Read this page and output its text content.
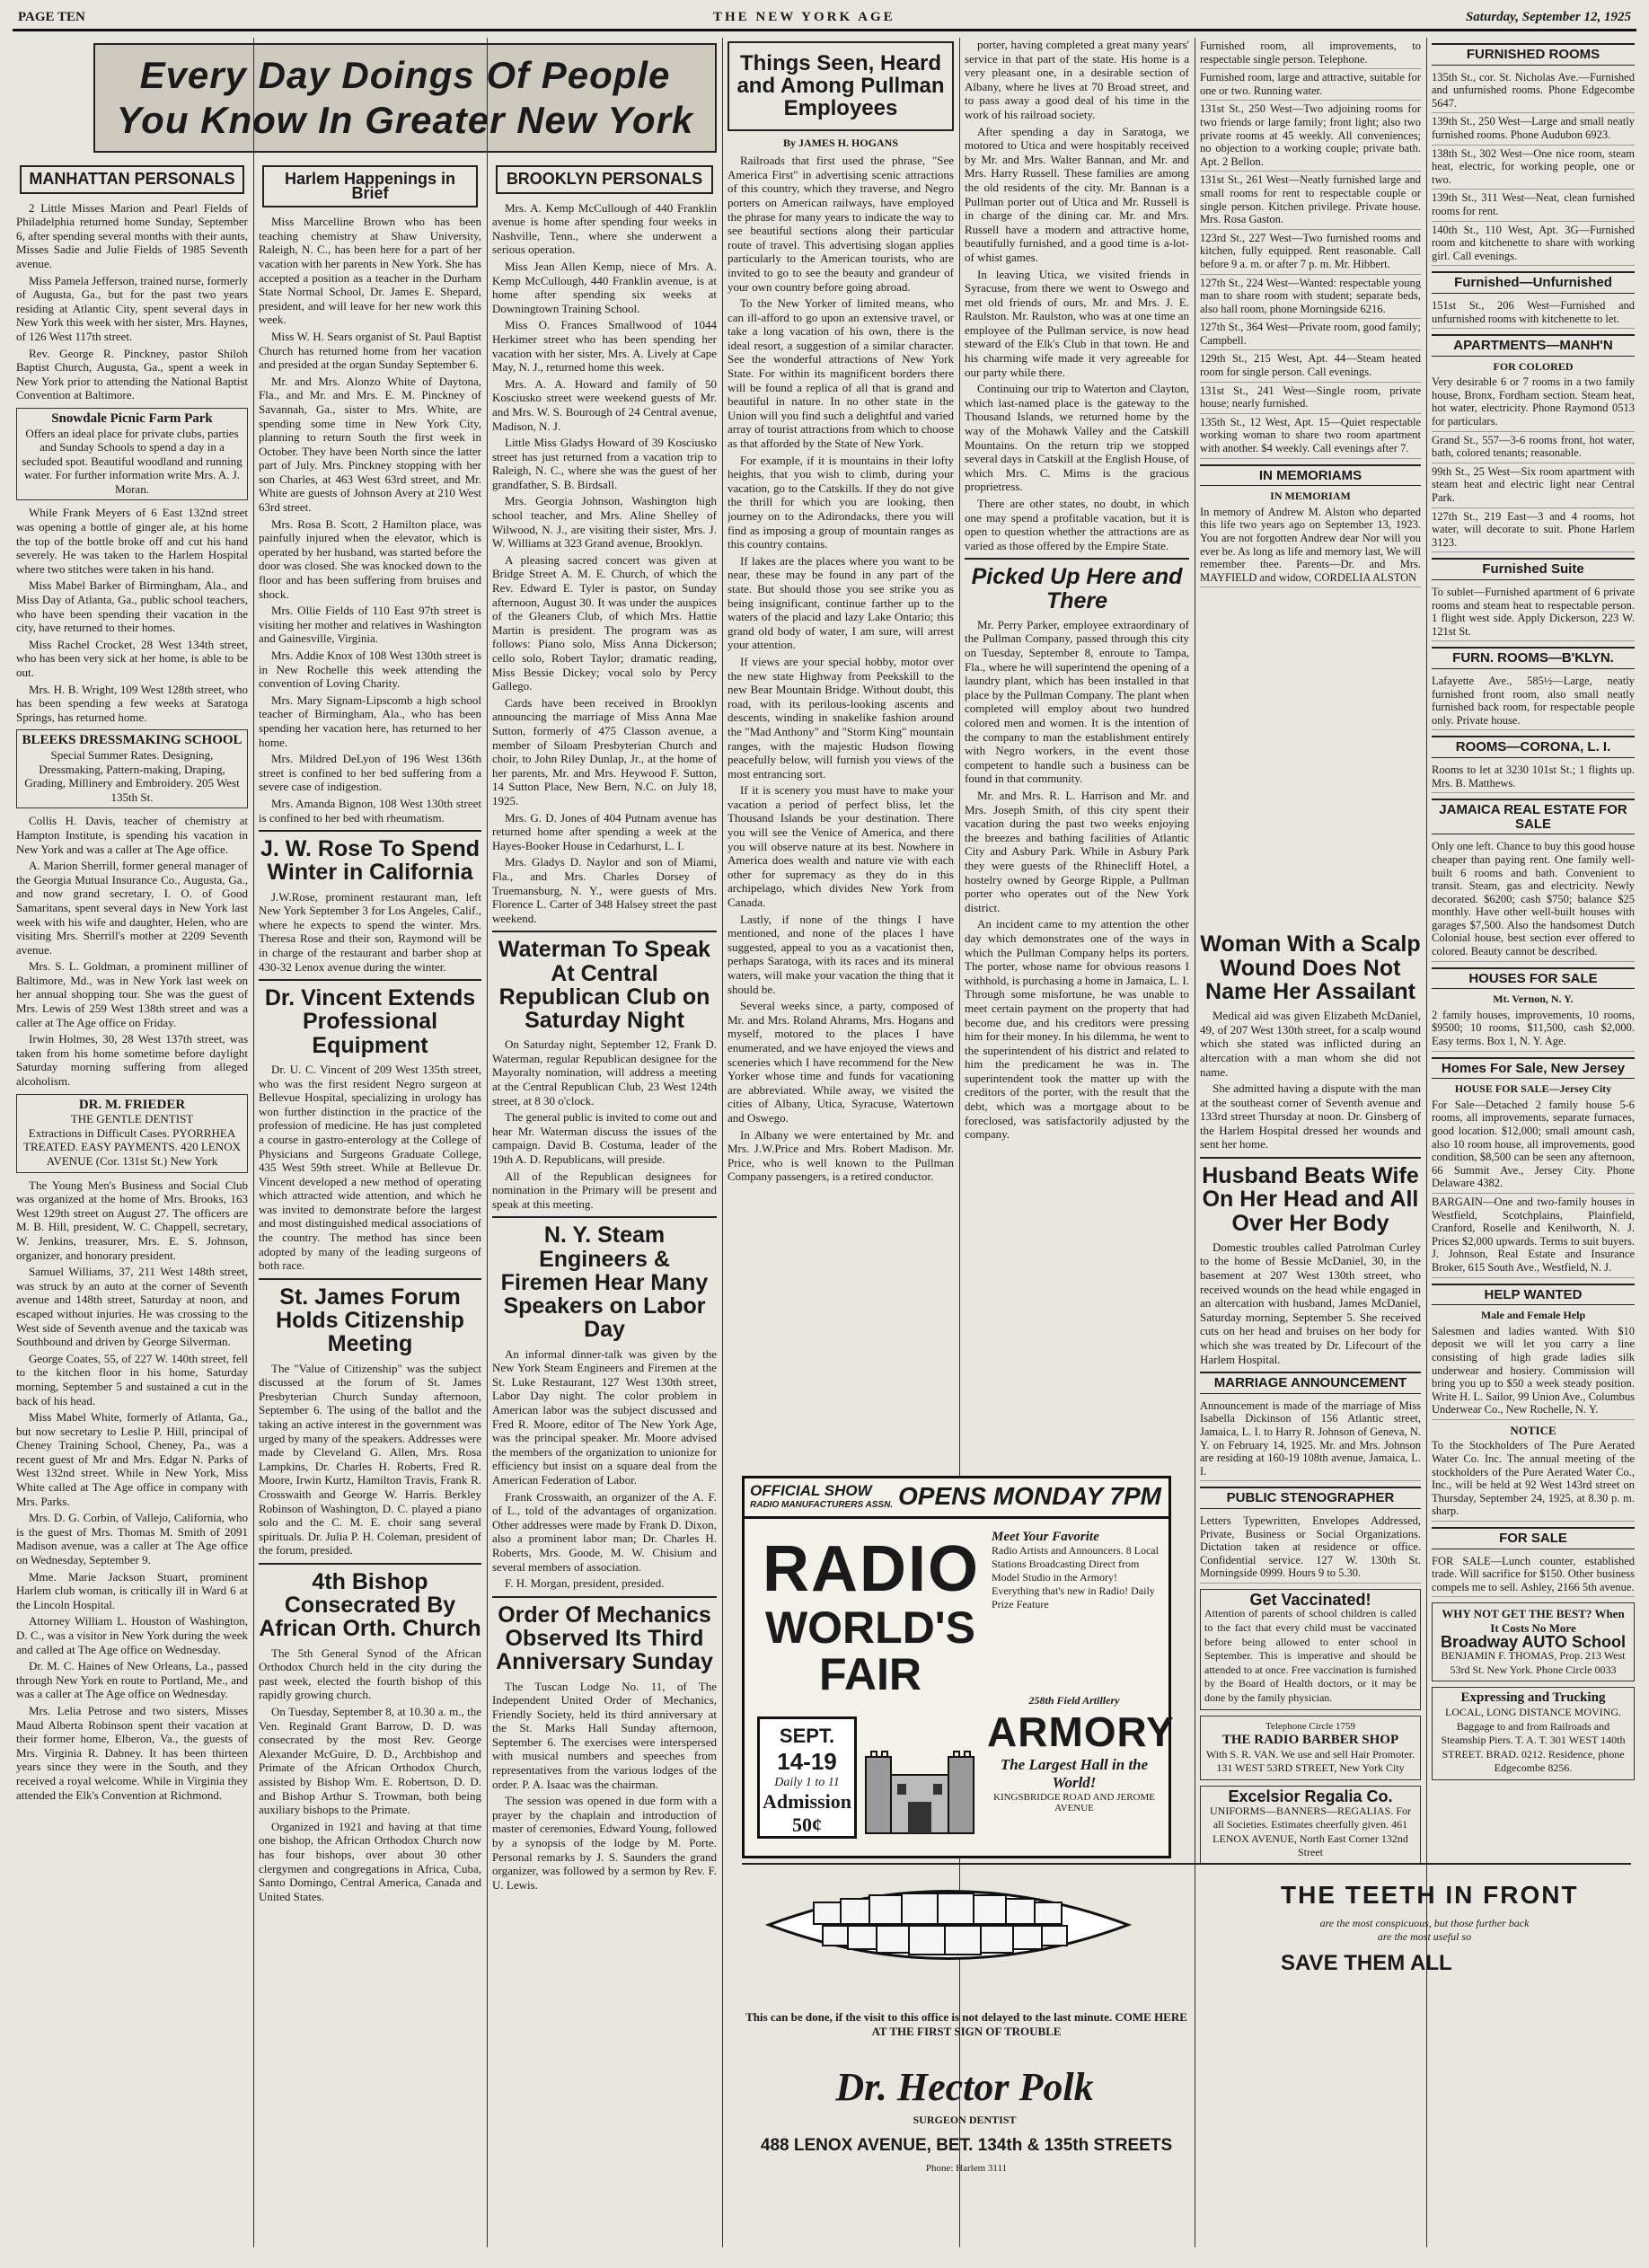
PAGE TEN	THE NEW YORK AGE	Saturday, September 12, 1925
Every Day Doings Of People
You Know In Greater New York
MANHATTAN PERSONALS

2 Little Misses Marion and Pearl Fields of Philadelphia returned home Sunday, September 6, after spending several months with their aunts, Misses Sadie and Julie Fields of 1985 Seventh avenue.

Miss Pamela Jefferson, trained nurse, formerly of Augusta, Ga., but for the past two years residing at Atlantic City, spent several days in New York this week with her sister, Mrs. Haynes, of 126 West 117th street.

Rev. George R. Pinckney, pastor Shiloh Baptist Church, Augusta, Ga., spent a week in New York prior to attending the National Baptist Convention at Baltimore.

Snowdale Picnic Farm Park
Offers an ideal place for private clubs, parties and Sunday Schools to spend a day in a secluded spot. Beautiful woodland and running water. For further information write Mrs. A. J. Moran.

While Frank Meyers of 6 East 132nd street was opening a bottle of ginger ale, at his home the top of the bottle broke off and cut his hand severely. He was taken to the Harlem Hospital where two stitches were taken in his hand.

Miss Mabel Barker of Birmingham, Ala., and Miss Day of Atlanta, Ga., public school teachers, who have been spending their vacation in the city, have returned to their homes.

Miss Rachel Crocket, 28 West 134th street, who has been very sick at her home, is able to be out.

Mrs. H. B. Wright, 109 West 128th street, who has been spending a few weeks at Saratoga Springs, has returned home.

BLEEKS DRESSMAKING SCHOOL
Special Summer Rates. Designing, Dressmaking, Pattern-making, Draping, Grading, Millinery and Embroidery. 205 West 135th St.

Collis H. Davis, teacher of chemistry at Hampton Institute, is spending his vacation in New York and was a caller at The Age office.

A. Marion Sherrill, former general manager of the Georgia Mutual Insurance Co., Augusta, Ga., and now grand secretary, I. O. of Good Samaritans, spent several days in New York last week with his wife and daughter, Helen, who are visiting Mrs. Sherrill's mother at 2209 Seventh avenue.

Mrs. S. L. Goldman, a prominent milliner of Baltimore, Md., was in New York last week on her annual shopping tour. She was the guest of Mrs. Lewis of 259 West 138th street and was a caller at The Age office on Friday.

Irwin Holmes, 30, 28 West 137th street, was taken from his home sometime before daylight Saturday morning suffering from alleged alcoholism.

DR. M. FRIEDER
THE GENTLE DENTIST
Extractions in Difficult Cases. PYORRHEA TREATED. EASY PAYMENTS. 420 LENOX AVENUE (Cor. 131st St.) New York

The Young Men's Business and Social Club was organized at the home of Mrs. Brooks, 163 West 129th street on August 27. The officers are M. B. Hill, president, W. C. Chappell, secretary, W. Jenkins, treasurer, Mrs. E. S. Johnson, organizer, and honorary president.

Samuel Williams, 37, 211 West 148th street, was struck by an auto at the corner of Seventh avenue and 148th street, Saturday at noon, and escaped without injuries. He was crossing to the West side of Seventh avenue and the taxicab was Southbound and driven by George Silverman.

George Coates, 55, of 227 W. 140th street, fell to the kitchen floor in his home, Saturday morning, September 5 and sustained a cut in the back of his head.

Miss Mabel White, formerly of Atlanta, Ga., but now secretary to Leslie P. Hill, principal of Cheney Training School, Cheney, Pa., was a recent guest of Mr and Mrs. Edgar N. Parks of West 132nd street. While in New York, Miss White called at The Age office in company with Mrs. Parks.

Mrs. D. G. Corbin, of Vallejo, California, who is the guest of Mrs. Thomas M. Smith of 2091 Madison avenue, was a caller at The Age office on Wednesday, September 9.

Mme. Marie Jackson Stuart, prominent Harlem club woman, is critically ill in Ward 6 at the Lincoln Hospital.

Attorney William L. Houston of Washington, D. C., was a visitor in New York during the week and called at The Age office on Wednesday.

Dr. M. C. Haines of New Orleans, La., passed through New York en route to Portland, Me., and was a caller at The Age office on Wednesday.

Mrs. Lelia Petrose and two sisters, Misses Maud Alberta Robinson spent their vacation at their former home, Elberon, Va., the guests of Mrs. Virginia R. Dabney. It has been thirteen years since they were in the South, and they received a royal welcome. While in Virginia they attended the Elk's Convention at Richmond.

Harlem Happenings in Brief

Miss Marcelline Brown who has been teaching chemistry at Shaw University, Raleigh, N. C., has been here for a part of her vacation with her parents in New York. She has accepted a position as a teacher in the Durham State Normal School, Dr. James E. Shepard, president, and will leave for her new work this week.

Miss W. H. Sears organist of St. Paul Baptist Church has returned home from her vacation and presided at the organ Sunday September 6.

Mr. and Mrs. Alonzo White of Daytona, Fla., and Mr. and Mrs. E. M. Pinckney of Savannah, Ga., sister to Mrs. White, are spending some time in New York City, planning to return South the first week in October. They have been North since the latter part of July. Mrs. Pinckney stopping with her son Charles, at 463 West 63rd street, and Mr. White are guests of Johnson Avery at 210 West 63rd street.

Mrs. Rosa B. Scott, 2 Hamilton place, was painfully injured when the elevator, which is operated by her husband, was started before the door was closed. She was knocked down to the floor and has been suffering from bruises and shock.

Mrs. Ollie Fields of 110 East 97th street is visiting her mother and relatives in Washington and Gainesville, Virginia.

Mrs. Addie Knox of 108 West 130th street is in New Rochelle this week attending the convention of Loving Charity.

Mrs. Mary Signam-Lipscomb a high school teacher of Birmingham, Ala., who has been spending her vacation here, has returned to her home.

Mrs. Mildred DeLyon of 196 West 136th street is confined to her bed suffering from a severe case of indigestion.

Mrs. Amanda Bignon, 108 West 130th street is confined to her bed with rheumatism.

J. W. Rose To Spend Winter in California

J.W.Rose, prominent restaurant man, left New York September 3 for Los Angeles, Calif., where he expects to spend the winter. Mrs. Theresa Rose and their son, Raymond will be in charge of the restaurant and barber shop at 430-32 Lenox avenue during the winter.

Dr. Vincent Extends Professional Equipment

Dr. U. C. Vincent of 209 West 135th street, who was the first resident Negro surgeon at Bellevue Hospital, specializing in urology has won further distinction in the practice of the profession of medicine. He has just completed a course in gastro-enterology at the College of Physicians and Surgeons Graduate College, 435 West 59th street. While at Bellevue Dr. Vincent developed a new method of operating which attracted wide attention, and which he was invited to demonstrate before the largest and most distinguished medical associations of the country. The method has since been adopted by many of the leading surgeons of both race.

St. James Forum Holds Citizenship Meeting

The "Value of Citizenship" was the subject discussed at the forum of St. James Presbyterian Church Sunday afternoon, September 6. The using of the ballot and the taking an active interest in the government was urged by many of the speakers. Addresses were made by Cleveland G. Allen, Mrs. Rosa Lampkins, Dr. Charles H. Roberts, Fred R. Moore, Irwin Kurtz, Hamilton Travis, Frank R. Crosswaith and George W. Harris. Berkley Robinson of Washington, D. C. played a piano solo and the C. M. E. choir sang several spirituals. Dr. Julia P. H. Coleman, president of the forum, presided.

4th Bishop Consecrated By African Orth. Church

The 5th General Synod of the African Orthodox Church held in the city during the past week, elected the fourth bishop of this rapidly growing church.

On Tuesday, September 8, at 10.30 a. m., the Ven. Reginald Grant Barrow, D. D. was consecrated by the most Rev. George Alexander McGuire, D. D., Archbishop and Primate of the African Orthodox Church, assisted by Bishop Wm. E. Robertson, D. D. and Bishop Arthur S. Trowman, both being auxiliary bishops to the Primate.

Organized in 1921 and having at that time one bishop, the African Orthodox Church now has four bishops, over about 30 other clergymen and congregations in Africa, Cuba, Santo Domingo, Central America, Canada and United States.

BROOKLYN PERSONALS

Mrs. A. Kemp McCullough of 440 Franklin avenue is home after spending four weeks in Nashville, Tenn., where she underwent a serious operation.

Miss Jean Allen Kemp, niece of Mrs. A. Kemp McCullough, 440 Franklin avenue, is at home after spending six weeks at Downingtown Training School.

Miss O. Frances Smallwood of 1044 Herkimer street who has been spending her vacation with her sister, Mrs. A. Lively at Cape May, N. J., returned home this week.

Mrs. A. A. Howard and family of 50 Kosciusko street were weekend guests of Mr. and Mrs. W. S. Bourough of 24 Central avenue, Madison, N. J.

Little Miss Gladys Howard of 39 Kosciusko street has just returned from a vacation trip to Raleigh, N. C., where she was the guest of her grandfather, S. B. Birdsall.

Mrs. Georgia Johnson, Washington high school teacher, and Mrs. Aline Shelley of Wilwood, N. J., are visiting their sister, Mrs. J. W. Williams at 323 Grand avenue, Brooklyn.

A pleasing sacred concert was given at Bridge Street A. M. E. Church, of which the Rev. Edward E. Tyler is pastor, on Sunday afternoon, August 30. It was under the auspices of the Gleaners Club, of which Mrs. Hattie Martin is president. The program was as follows: Piano solo, Miss Anna Dickerson; cello solo, Robert Taylor; dramatic reading, Miss Bessie Dickey; vocal solo by Percy Gallego.

Cards have been received in Brooklyn announcing the marriage of Miss Anna Mae Sutton, formerly of 475 Classon avenue, a member of Siloam Presbyterian Church and choir, to John Riley Dunlap, Jr., at the home of her parents, Mr. and Mrs. Heywood F. Sutton, 14 Sutton Place, New Bern, N.C. on July 18, 1925.

Mrs. G. D. Jones of 404 Putnam avenue has returned home after spending a week at the Hayes-Booker House in Cedarhurst, L. I.

Mrs. Gladys D. Naylor and son of Miami, Fla., and Mrs. Charles Dorsey of Truemansburg, N. Y., were guests of Mrs. Florence L. Carter of 348 Halsey street the past weekend.

Waterman To Speak At Central Republican Club on Saturday Night

On Saturday night, September 12, Frank D. Waterman, regular Republican designee for the Mayoralty nomination, will address a meeting at the Central Republican Club, 23 West 124th street, at 8 30 o'clock.

The general public is invited to come out and hear Mr. Waterman discuss the issues of the campaign. David B. Costuma, leader of the 19th A. D. Republicans, will preside.

All of the Republican designees for nomination in the Primary will be present and speak at this meeting.

N. Y. Steam Engineers & Firemen Hear Many Speakers on Labor Day

An informal dinner-talk was given by the New York Steam Engineers and Firemen at the St. Luke Restaurant, 127 West 130th street, Labor Day night. The color problem in American labor was the subject discussed and Fred R. Moore, editor of The New York Age, was the principal speaker. Mr. Moore advised the members of the organization to unionize for efficiency but insist on a square deal from the American Federation of Labor.

Frank Crosswaith, an organizer of the A. F. of L., told of the advantages of organization. Other addresses were made by Frank D. Dixon, also a prominent labor man; Dr. Charles H. Roberts, Mrs. Goode, M. W. Chisium and several members of association.

F. H. Morgan, president, presided.

Order Of Mechanics Observed Its Third Anniversary Sunday

The Tuscan Lodge No. 11, of The Independent United Order of Mechanics, Friendly Society, held its third anniversary at the St. Marks Hall Sunday afternoon, September 6. The exercises were interspersed with musical numbers and speeches from representatives from the various lodges of the order. P. A. Isaac was the chairman.

The session was opened in due form with a prayer by the chaplain and introduction of master of ceremonies, Edward Young, followed by a synopsis of the lodge by M. Porte. Personal remarks by J. S. Saunders the grand organizer, was followed by a sermon by Rev. F. U. Lewis.

Things Seen, Heard and Among Pullman Employees
By JAMES H. HOGANS

Railroads that first used the phrase, "See America First" in advertising scenic attractions of this country, which they traverse, and Negro porters on American railways, have employed the phrase for many years to indicate the way to see beautiful sections along their particular route of travel. This advertising slogan applies particularly to the American tourists, who are invited to go to see the beauty and grandeur of your own country before going abroad.

To the New Yorker of limited means, who can ill-afford to go upon an extensive travel, or take a long vacation of his own, there is the ideal resort, a suggestion of a similar character. See the wonderful attractions of New York State. For within its magnificent borders there will be found a replica of all that is grand and beautiful in nature. In no other state in the Union will you find such a delightful and varied array of tourist attractions from which to choose as that afforded by the State of New York.

For example, if it is mountains in their lofty heights, that you wish to climb, during your vacation, go to the Catskills. If they do not give the thrill for which you are looking, then journey on to the Adirondacks, there you will find as imposing a group of mountain ranges as this country contains.

If lakes are the places where you want to be near, these may be found in any part of the state. But should those you see strike you as being insignificant, continue farther up to the waters of the placid and lazy Lake Ontario; this grand old body of water, I am sure, will arrest your attention.

If views are your special hobby, motor over the new state Highway from Peekskill to the new Bear Mountain Bridge. Without doubt, this road, with its perilous-looking ascents and descents, winding in snakelike fashion around the "Mad Anthony" and "Storm King" mountain ranges, with the majestic Hudson flowing peacefully below, will furnish you views of the most entrancing sort.

If it is scenery you must have to make your vacation a period of perfect bliss, let the Thousand Islands be your destination. There you will see the Venice of America, and there you will observe nature at its best. Nowhere in America does wealth and nature vie with each other for supremacy as they do in this archipelago, which divides New York from Canada.

Lastly, if none of the things I have mentioned, and none of the places I have suggested, appeal to you as a vacationist then, perhaps Saratoga, with its races and its mineral waters, will make your vacation the thing that it should be.

Several weeks since, a party, composed of Mr. and Mrs. Roland Ahrams, Mrs. Hogans and myself, motored to the places I have enumerated, and we have enjoyed the views and sceneries which I have recommend for the New Yorker whose time and funds for vacationing are abbreviated. While away, we visited the cities of Albany, Utica, Syracuse, Watertown and Oswego.

In Albany we were entertained by Mr. and Mrs. J.W.Price and Mrs. Robert Madison. Mr. Price, who is well known to the Pullman Company passengers, is a retired conductor.

porter, having completed a great many years' service in that part of the state. His home is a very pleasant one, in a desirable section of Albany, where he lives at 70 Broad street, and to pass away a good deal of his time in the work of his railroad society.

After spending a day in Saratoga, we motored to Utica and were hospitably received by Mr. and Mrs. Walter Bannan, and Mr. and Mrs. Harry Russell. These families are among the old residents of the city. Mr. Bannan is a Pullman porter out of Utica and Mr. Russell is in charge of the dining car. Mr. and Mrs. Russell have a modern and attractive home, beautifully furnished, and a good time is a-lot-of whist games.

In leaving Utica, we visited friends in Syracuse, from there we went to Oswego and met old friends of ours, Mr. and Mrs. J. E. Raulston. Mr. Raulston, who was at one time an employee of the Pullman service, is now head steward of the Elk's Club in that town. He and his charming wife made it very agreeable for our party while there.

Continuing our trip to Waterton and Clayton, which last-named place is the gateway to the Thousand Islands, we returned home by the way of the Mohawk Valley and the Catskill Mountains. On the return trip we stopped several days in Catskill at the English House, of which Mrs. C. Mims is the gracious proprietress.

There are other states, no doubt, in which one may spend a profitable vacation, but it is open to question whether the attractions are as varied as those offered by the Empire State.

Picked Up Here and There

Mr. Perry Parker, employee extraordinary of the Pullman Company, passed through this city on Tuesday, September 8, enroute to Tampa, Fla., where he will superintend the opening of a laundry plant, which has been installed in that place by the Pullman Company. The plant when completed will employ about two hundred colored men and women. It is the intention of the company to man the establishment entirely with Negro workers, in the event those competent to handle such a business can be found in that community.

Mr. and Mrs. R. L. Harrison and Mr. and Mrs. Joseph Smith, of this city spent their vacation during the past two weeks enjoying the breezes and bathing facilities of Atlantic City and Asbury Park. While in Asbury Park they were guests of the Rhinecliff Hotel, a hostelry owned by George Ripple, a Pullman porter who operates out of the New York district.

An incident came to my attention the other day which demonstrates one of the ways in which the Pullman Company helps its porters. The porter, whose name for obvious reasons I withhold, is purchasing a home in Jamaica, L. I. Through some misfortune, he was unable to meet certain payment on the property that had become due, and his creditors were pressing him for their money. In his dilemma, he went to the superintendent of his district and related to him the predicament he was in. The superintendent took the matter up with the creditors of the porter, with the result that the debt, which was a mortgage about to be foreclosed, was satisfactorily adjusted by the company.

Furnished room, all improvements, to respectable single person. Telephone.
Furnished room, large and attractive, suitable for one or two. Running water.
131st St., 250 West—Two adjoining rooms for two friends or large family; front light; also two private rooms at 45 weekly. All conveniences; no objection to a working couple; private bath. Apt. 2 Bellon.
131st St., 261 West—Neatly furnished large and small rooms for rent to respectable couple or single person. Kitchen privilege. Private house. Mrs. Rosa Gaston.
123rd St., 227 West—Two furnished rooms and kitchen, fully equipped. Rent reasonable. Call before 9 a. m. or after 7 p. m. Mr. Hibbert.
127th St., 224 West—Wanted: respectable young man to share room with student; separate beds, also hall room, phone Morningside 6216.
127th St., 364 West—Private room, good family; Campbell.
129th St., 215 West, Apt. 44—Steam heated room for single person. Call evenings.
131st St., 241 West—Single room, private house; nearly furnished.
135th St., 12 West, Apt. 15—Quiet respectable working woman to share two room apartment with another. $4 weekly. Call evenings after 7.
IN MEMORIAMS
IN MEMORIAM
In memory of Andrew M. Alston who departed this life two years ago on September 13, 1923. You are not forgotten Andrew dear Nor will you ever be. As long as life and memory last, We will remember thee. Parents—Dr. and Mrs. MAYFIELD and widow, CORDELIA ALSTON
Woman With a Scalp Wound Does Not Name Her Assailant

Medical aid was given Elizabeth McDaniel, 49, of 207 West 130th street, for a scalp wound which she stated was inflicted during an altercation with a man whom she did not name.

She admitted having a dispute with the man at the southeast corner of Seventh avenue and 133rd street Thursday at noon. Dr. Ginsberg of the Harlem Hospital dressed her wounds and sent her home.

Husband Beats Wife On Her Head and All Over Her Body

Domestic troubles called Patrolman Curley to the home of Bessie McDaniel, 30, in the basement at 207 West 130th street, who received wounds on the head while engaged in an altercation with husband, James McDaniel, Saturday morning, September 5. She received cuts on her head and bruises on her body for which she was treated by Dr. Lifecourt of the Harlem Hospital.

MARRIAGE ANNOUNCEMENT
Announcement is made of the marriage of Miss Isabella Dickinson of 156 Atlantic street, Jamaica, L. I. to Harry R. Johnson of Geneva, N. Y. on February 14, 1925. Mr. and Mrs. Johnson are residing at 160-19 108th avenue, Jamaica, L. I.
PUBLIC STENOGRAPHER
Letters Typewritten, Envelopes Addressed, Private, Business or Social Organizations. Dictation taken at residence or office. Confidential service. 127 W. 130th St. Morningside 0999. Hours 9 to 5.30.
Get Vaccinated!
Attention of parents of school children is called to the fact that every child must be vaccinated before being allowed to enter school in September. This is imperative and should be attended to at once. Free vaccination is furnished by the Board of Health doctors, or it may be done by the family physician.
Telephone Circle 1759
THE RADIO BARBER SHOP
With S. R. VAN. We use and sell Hair Promoter. 131 WEST 53RD STREET, New York City
Excelsior Regalia Co.
UNIFORMS—BANNERS—REGALIAS. For all Societies. Estimates cheerfully given. 461 LENOX AVENUE, North East Corner 132nd Street
FURNISHED ROOMS
135th St., cor. St. Nicholas Ave.—Furnished and unfurnished rooms. Phone Edgecombe 5647.
139th St., 250 West—Large and small neatly furnished rooms. Phone Audubon 6923.
138th St., 302 West—One nice room, steam heat, electric, for working people, one or two.
139th St., 311 West—Neat, clean furnished rooms for rent.
140th St., 110 West, Apt. 3G—Furnished room and kitchenette to share with working girl. Call evenings.
Furnished—Unfurnished
151st St., 206 West—Furnished and unfurnished rooms with kitchenette to let.
APARTMENTS—MANH'N
FOR COLORED
Very desirable 6 or 7 rooms in a two family house, Bronx, Fordham section. Steam heat, hot water, electricity. Phone Raymond 0513 for particulars.
Grand St., 557—3-6 rooms front, hot water, bath, colored tenants; reasonable.
99th St., 25 West—Six room apartment with steam heat and electric light near Central Park.
127th St., 219 East—3 and 4 rooms, hot water, will decorate to suit. Phone Harlem 3123.
Furnished Suite
To sublet—Furnished apartment of 6 private rooms and steam heat to respectable person. 1 flight west side. Apply Dickerson, 223 W. 121st St.
FURN. ROOMS—B'KLYN.
Lafayette Ave., 585½—Large, neatly furnished front room, also small neatly furnished back room, for respectable people only. Private house.
ROOMS—CORONA, L. I.
Rooms to let at 3230 101st St.; 1 flights up. Mrs. B. Matthews.
JAMAICA REAL ESTATE FOR SALE
Only one left. Chance to buy this good house cheaper than paying rent. One family well-built 6 rooms and bath. Convenient to transit. Steam, gas and electricity. Newly decorated. $6200; cash $750; balance $25 monthly. Have other well-built houses with garages $7,500. Also the handsomest Dutch Colonial house, best section ever offered to colored. Beauty cannot be described.
HOUSES FOR SALE
Mt. Vernon, N. Y.
2 family houses, improvements, 10 rooms, $9500; 10 rooms, $11,500, cash $2,000. Easy terms. Box 1, N. Y. Age.
Homes For Sale, New Jersey
HOUSE FOR SALE—Jersey City
For Sale—Detached 2 family house 5-6 rooms, all improvements, separate furnaces, good location. $12,000; small amount cash, also 10 room house, all improvements, good condition, $8,500 can be seen any afternoon, 66 Summit Ave., Jersey City. Phone Delaware 4382.
BARGAIN—One and two-family houses in Westfield, Scotchplains, Plainfield, Cranford, Roselle and Kenilworth, N. J. Prices $2,000 upwards. Terms to suit buyers. J. Johnson, Real Estate and Insurance Broker, 615 South Ave., Westfield, N. J.
HELP WANTED
Male and Female Help
Salesmen and ladies wanted. With $10 deposit we will let you carry a line consisting of high grade ladies silk underwear and hosiery. Commission will bring you up to $50 a week steady position. Write H. L. Sailor, 99 Union Ave., Columbus Underwear Co., New Rochelle, N. Y.
NOTICE
To the Stockholders of The Pure Aerated Water Co. Inc. The annual meeting of the stockholders of the Pure Aerated Water Co., Inc., will be held at 92 West 143rd street on Thursday, September 24, 1925, at 8.30 p. m. sharp.
FOR SALE
FOR SALE—Lunch counter, established trade. Will sacrifice for $150. Other business compels me to sell. Ashley, 2166 5th avenue.
WHY NOT GET THE BEST? When It Costs No More
Broadway AUTO School
BENJAMIN F. THOMAS, Prop. 213 West 53rd St. New York. Phone Circle 0033
Expressing and Trucking
LOCAL, LONG DISTANCE MOVING. Baggage to and from Railroads and Steamship Piers. T. A. T. 301 WEST 140th STREET. BRAD. 0212. Residence, phone Edgecombe 8256.
OFFICIAL SHOW
RADIO MANUFACTURERS ASSN. OPENS MONDAY 7PM
RADIO
WORLD'S FAIR
Meet Your Favorite
Radio Artists and Announcers. 8 Local Stations Broadcasting Direct from Model Studio in the Armory! Everything that's new in Radio! Daily Prize Feature
258th Field Artillery
ARMORY
The Largest Hall in the World!
KINGSBRIDGE ROAD AND JEROME AVENUE
SEPT.
14-19
Daily 1 to 11
Admission 50¢
THE TEETH IN FRONT
are the most conspicuous, but those further back are the most useful so
SAVE THEM ALL
This can be done, if the visit to this office is not delayed to the last minute. COME HERE AT THE FIRST SIGN OF TROUBLE
Dr. Hector Polk
SURGEON DENTIST
488 LENOX AVENUE, BET. 134th & 135th STREETS
Phone: Harlem 3111
